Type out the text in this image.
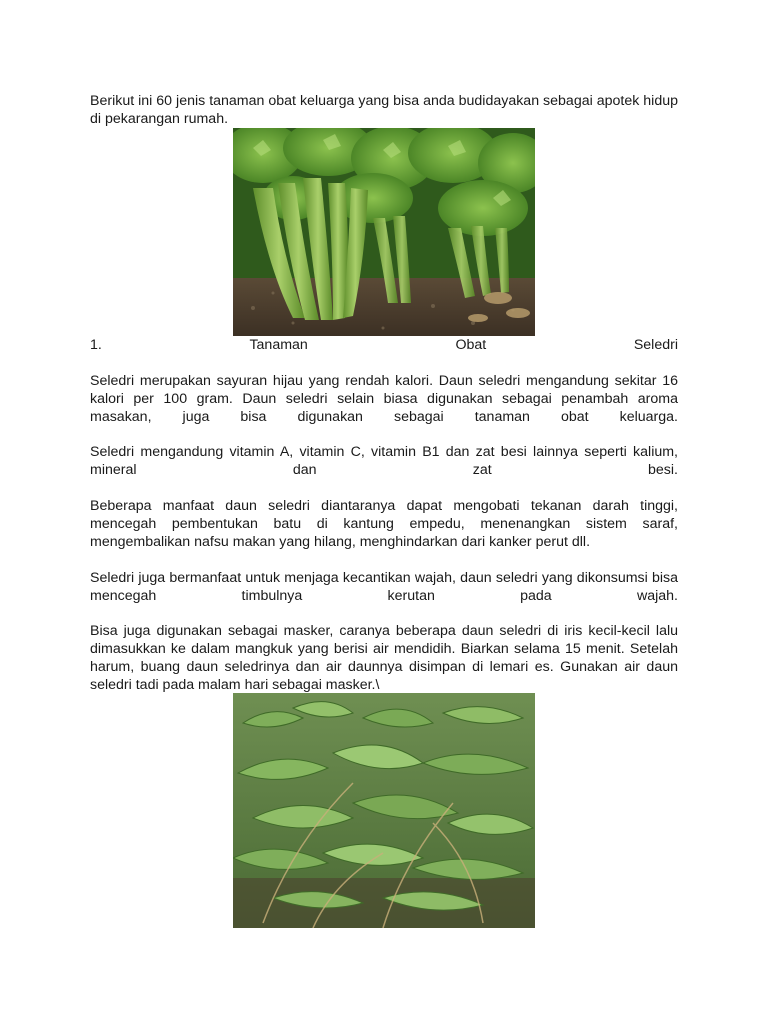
Berikut ini 60 jenis tanaman obat keluarga yang bisa anda budidayakan sebagai apotek hidup di pekarangan rumah.

1.	Tanaman	Obat	Seledri

Seledri merupakan sayuran hijau yang rendah kalori. Daun seledri mengandung sekitar 16 kalori per 100 gram. Daun seledri selain biasa digunakan sebagai penambah aroma masakan, juga bisa digunakan sebagai tanaman obat keluarga.

Seledri mengandung vitamin A, vitamin C, vitamin B1 dan zat besi lainnya seperti kalium, mineral dan zat besi.

Beberapa manfaat daun seledri diantaranya dapat mengobati tekanan darah tinggi, mencegah pembentukan batu di kantung empedu, menenangkan sistem saraf, mengembalikan nafsu makan yang hilang, menghindarkan dari kanker perut dll.

Seledri juga bermanfaat untuk menjaga kecantikan wajah, daun seledri yang dikonsumsi bisa mencegah timbulnya kerutan pada wajah.

Bisa juga digunakan sebagai masker, caranya beberapa daun seledri di iris kecil-kecil lalu dimasukkan ke dalam mangkuk yang berisi air mendidih. Biarkan selama 15 menit. Setelah harum, buang daun seledrinya dan air daunnya disimpan di lemari es. Gunakan air daun seledri tadi pada malam hari sebagai masker.\
